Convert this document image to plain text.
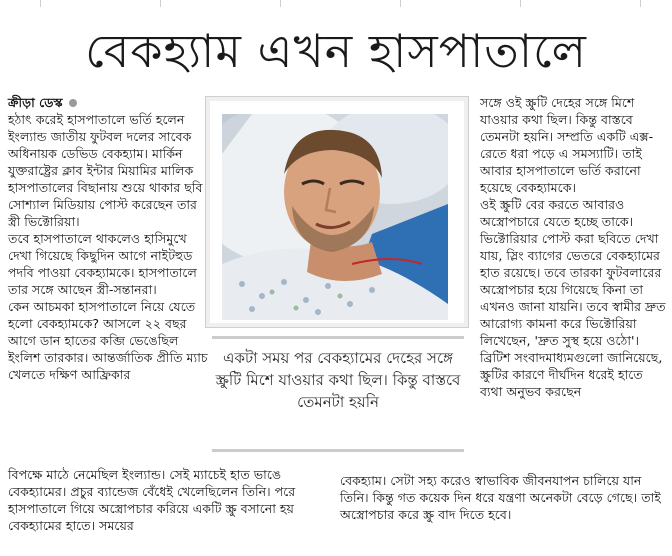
বেকহ্যাম এখন হাসপাতালে
ক্রীড়া ডেস্ক

হঠাৎ করেই হাসপাতালে ভর্তি হলেন ইংল্যান্ড জাতীয় ফুটবল দলের সাবেক অধিনায়ক ডেভিড বেকহ্যাম। মার্কিন যুক্তরাষ্ট্রের ক্লাব ইন্টার মিয়ামির মালিক হাসপাতালের বিছানায় শুয়ে থাকার ছবি সোশ্যাল মিডিয়ায় পোস্ট করেছেন তার স্ত্রী ভিক্টোরিয়া।

তবে হাসপাতালে থাকলেও হাসিমুখে দেখা গিয়েছে কিছুদিন আগে নাইটহুড পদবি পাওয়া বেকহ্যামকে। হাসপাতালে তার সঙ্গে আছেন স্ত্রী-সন্তানরা।

কেন আচমকা হাসপাতালে নিয়ে যেতে হলো বেকহ্যামকে? আসলে ২২ বছর আগে ডান হাতের কব্জি ভেঙেছিল ইংলিশ তারকার। আন্তর্জাতিক প্রীতি ম্যাচ খেলতে দক্ষিণ আফ্রিকার

একটা সময় পর বেকহ্যামের দেহের সঙ্গে স্ক্রুটি মিশে যাওয়ার কথা ছিল। কিন্তু বাস্তবে তেমনটা হয়নি

সঙ্গে ওই স্ক্রুটি দেহের সঙ্গে মিশে যাওয়ার কথা ছিল। কিন্তু বাস্তবে তেমনটা হয়নি। সম্প্রতি একটি এক্স-রেতে ধরা পড়ে এ সমস্যাটি। তাই আবার হাসপাতালে ভর্তি করানো হয়েছে বেকহ্যামকে।

ওই স্ক্রুটি বের করতে আবারও অস্ত্রোপচারে যেতে হচ্ছে তাকে। ভিক্টোরিয়ার পোস্ট করা ছবিতে দেখা যায়, স্লিং ব্যাগের ভেতরে বেকহ্যামের হাত রয়েছে। তবে তারকা ফুটবলারের অস্ত্রোপচার হয়ে গিয়েছে কিনা তা এখনও জানা যায়নি। তবে স্বামীর দ্রুত আরোগ্য কামনা করে ভিক্টোরিয়া লিখেছেন, 'দ্রুত সুস্থ হয়ে ওঠো'।

ব্রিটিশ সংবাদমাধ্যমগুলো জানিয়েছে, স্ক্রুটির কারণে দীর্ঘদিন ধরেই হাতে ব্যথা অনুভব করছেন

বিপক্ষে মাঠে নেমেছিল ইংল্যান্ড। সেই ম্যাচেই হাত ভাঙে বেকহ্যামের। প্রচুর ব্যান্ডেজ বেঁধেই খেলেছিলেন তিনি। পরে হাসপাতালে গিয়ে অস্ত্রোপচার করিয়ে একটি স্ক্রু বসানো হয় বেকহ্যামের হাতে। সময়ের

বেকহ্যাম। সেটা সহ্য করেও স্বাভাবিক জীবনযাপন চালিয়ে যান তিনি। কিন্তু গত কয়েক দিন ধরে যন্ত্রণা অনেকটা বেড়ে গেছে। তাই অস্ত্রোপচার করে স্ক্রু বাদ দিতে হবে।
